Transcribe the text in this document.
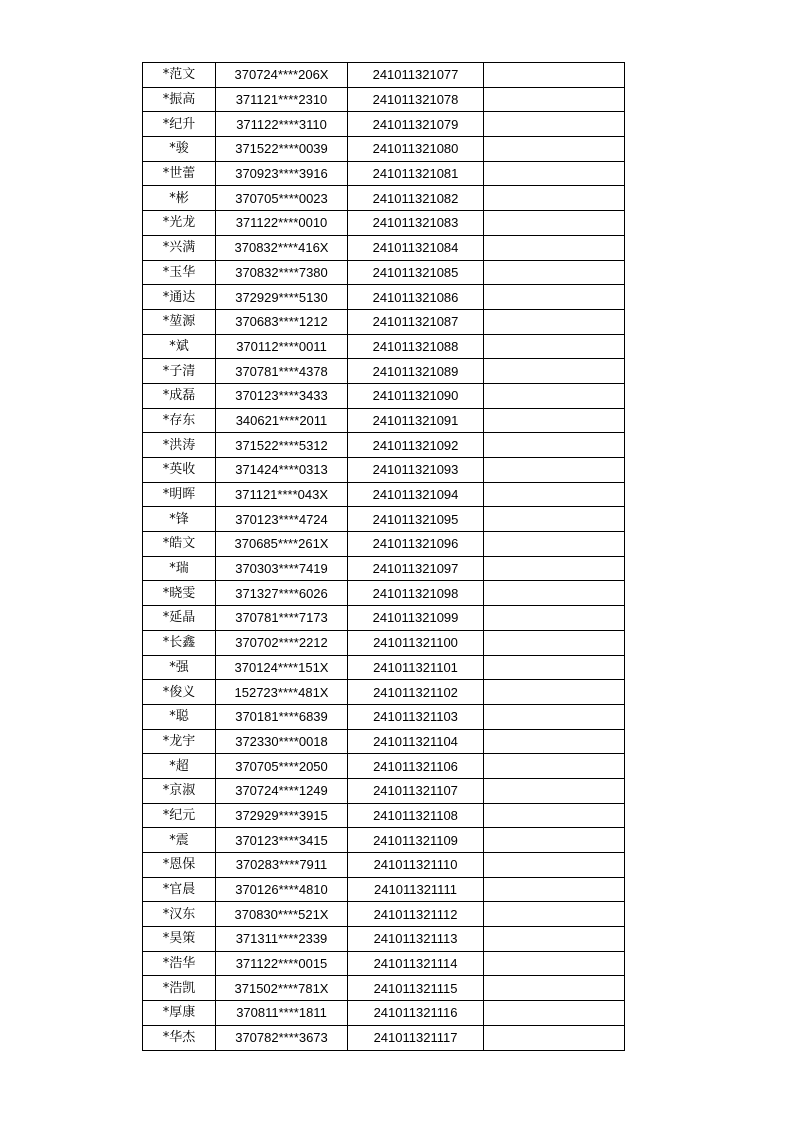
*范文	370724****206X	241011321077	
*振高	371121****2310	241011321078	
*纪升	371122****3110	241011321079	
*骏	371522****0039	241011321080	
*世蕾	370923****3916	241011321081	
*彬	370705****0023	241011321082	
*光龙	371122****0010	241011321083	
*兴满	370832****416X	241011321084	
*玉华	370832****7380	241011321085	
*通达	372929****5130	241011321086	
*堃源	370683****1212	241011321087	
*斌	370112****0011	241011321088	
*子清	370781****4378	241011321089	
*成磊	370123****3433	241011321090	
*存东	340621****2011	241011321091	
*洪涛	371522****5312	241011321092	
*英收	371424****0313	241011321093	
*明晖	371121****043X	241011321094	
*锋	370123****4724	241011321095	
*皓文	370685****261X	241011321096	
*瑞	370303****7419	241011321097	
*晓雯	371327****6026	241011321098	
*延晶	370781****7173	241011321099	
*长鑫	370702****2212	241011321100	
*强	370124****151X	241011321101	
*俊义	152723****481X	241011321102	
*聪	370181****6839	241011321103	
*龙宇	372330****0018	241011321104	
*超	370705****2050	241011321106	
*京淑	370724****1249	241011321107	
*纪元	372929****3915	241011321108	
*震	370123****3415	241011321109	
*恩保	370283****7911	241011321110	
*官晨	370126****4810	241011321111	
*汉东	370830****521X	241011321112	
*昊策	371311****2339	241011321113	
*浩华	371122****0015	241011321114	
*浩凯	371502****781X	241011321115	
*厚康	370811****1811	241011321116	
*华杰	370782****3673	241011321117	
